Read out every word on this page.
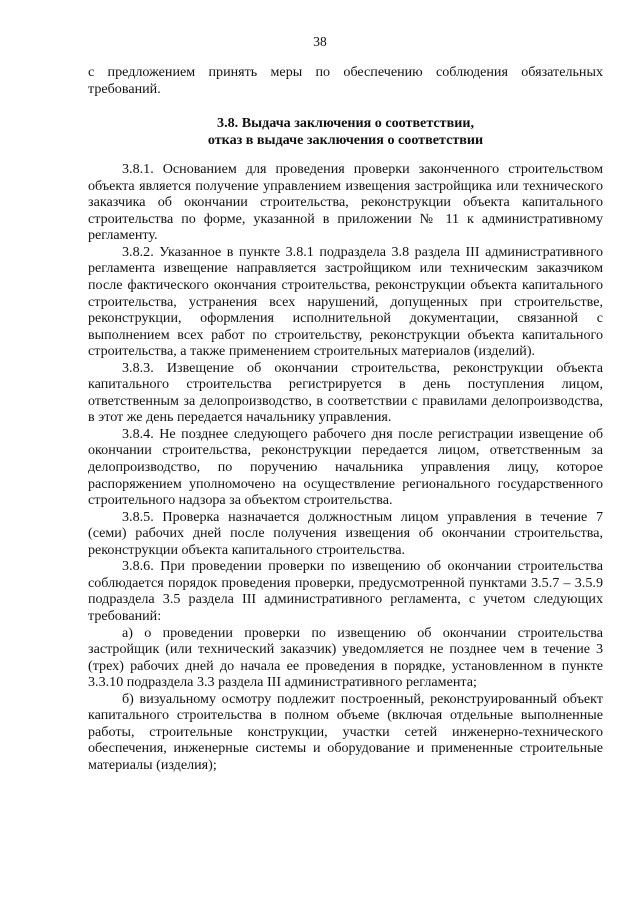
38

с предложением принять меры по обеспечению соблюдения обязательных требований.

3.8. Выдача заключения о соответствии,
отказ в выдаче заключения о соответствии

3.8.1. Основанием для проведения проверки законченного строительством объекта является получение управлением извещения застройщика или технического заказчика об окончании строительства, реконструкции объекта капитального строительства по форме, указанной в приложении № 11 к административному регламенту.

3.8.2. Указанное в пункте 3.8.1 подраздела 3.8 раздела III административного регламента извещение направляется застройщиком или техническим заказчиком после фактического окончания строительства, реконструкции объекта капитального строительства, устранения всех нарушений, допущенных при строительстве, реконструкции, оформления исполнительной документации, связанной с выполнением всех работ по строительству, реконструкции объекта капитального строительства, а также применением строительных материалов (изделий).

3.8.3. Извещение об окончании строительства, реконструкции объекта капитального строительства регистрируется в день поступления лицом, ответственным за делопроизводство, в соответствии с правилами делопроизводства, в этот же день передается начальнику управления.

3.8.4. Не позднее следующего рабочего дня после регистрации извещение об окончании строительства, реконструкции передается лицом, ответственным за делопроизводство, по поручению начальника управления лицу, которое распоряжением уполномочено на осуществление регионального государственного строительного надзора за объектом строительства.

3.8.5. Проверка назначается должностным лицом управления в течение 7 (семи) рабочих дней после получения извещения об окончании строительства, реконструкции объекта капитального строительства.

3.8.6. При проведении проверки по извещению об окончании строительства соблюдается порядок проведения проверки, предусмотренной пунктами 3.5.7 – 3.5.9 подраздела 3.5 раздела III административного регламента, с учетом следующих требований:

а) о проведении проверки по извещению об окончании строительства застройщик (или технический заказчик) уведомляется не позднее чем в течение 3 (трех) рабочих дней до начала ее проведения в порядке, установленном в пункте 3.3.10 подраздела 3.3 раздела III административного регламента;

б) визуальному осмотру подлежит построенный, реконструированный объект капитального строительства в полном объеме (включая отдельные выполненные работы, строительные конструкции, участки сетей инженерно-технического обеспечения, инженерные системы и оборудование и примененные строительные материалы (изделия);
